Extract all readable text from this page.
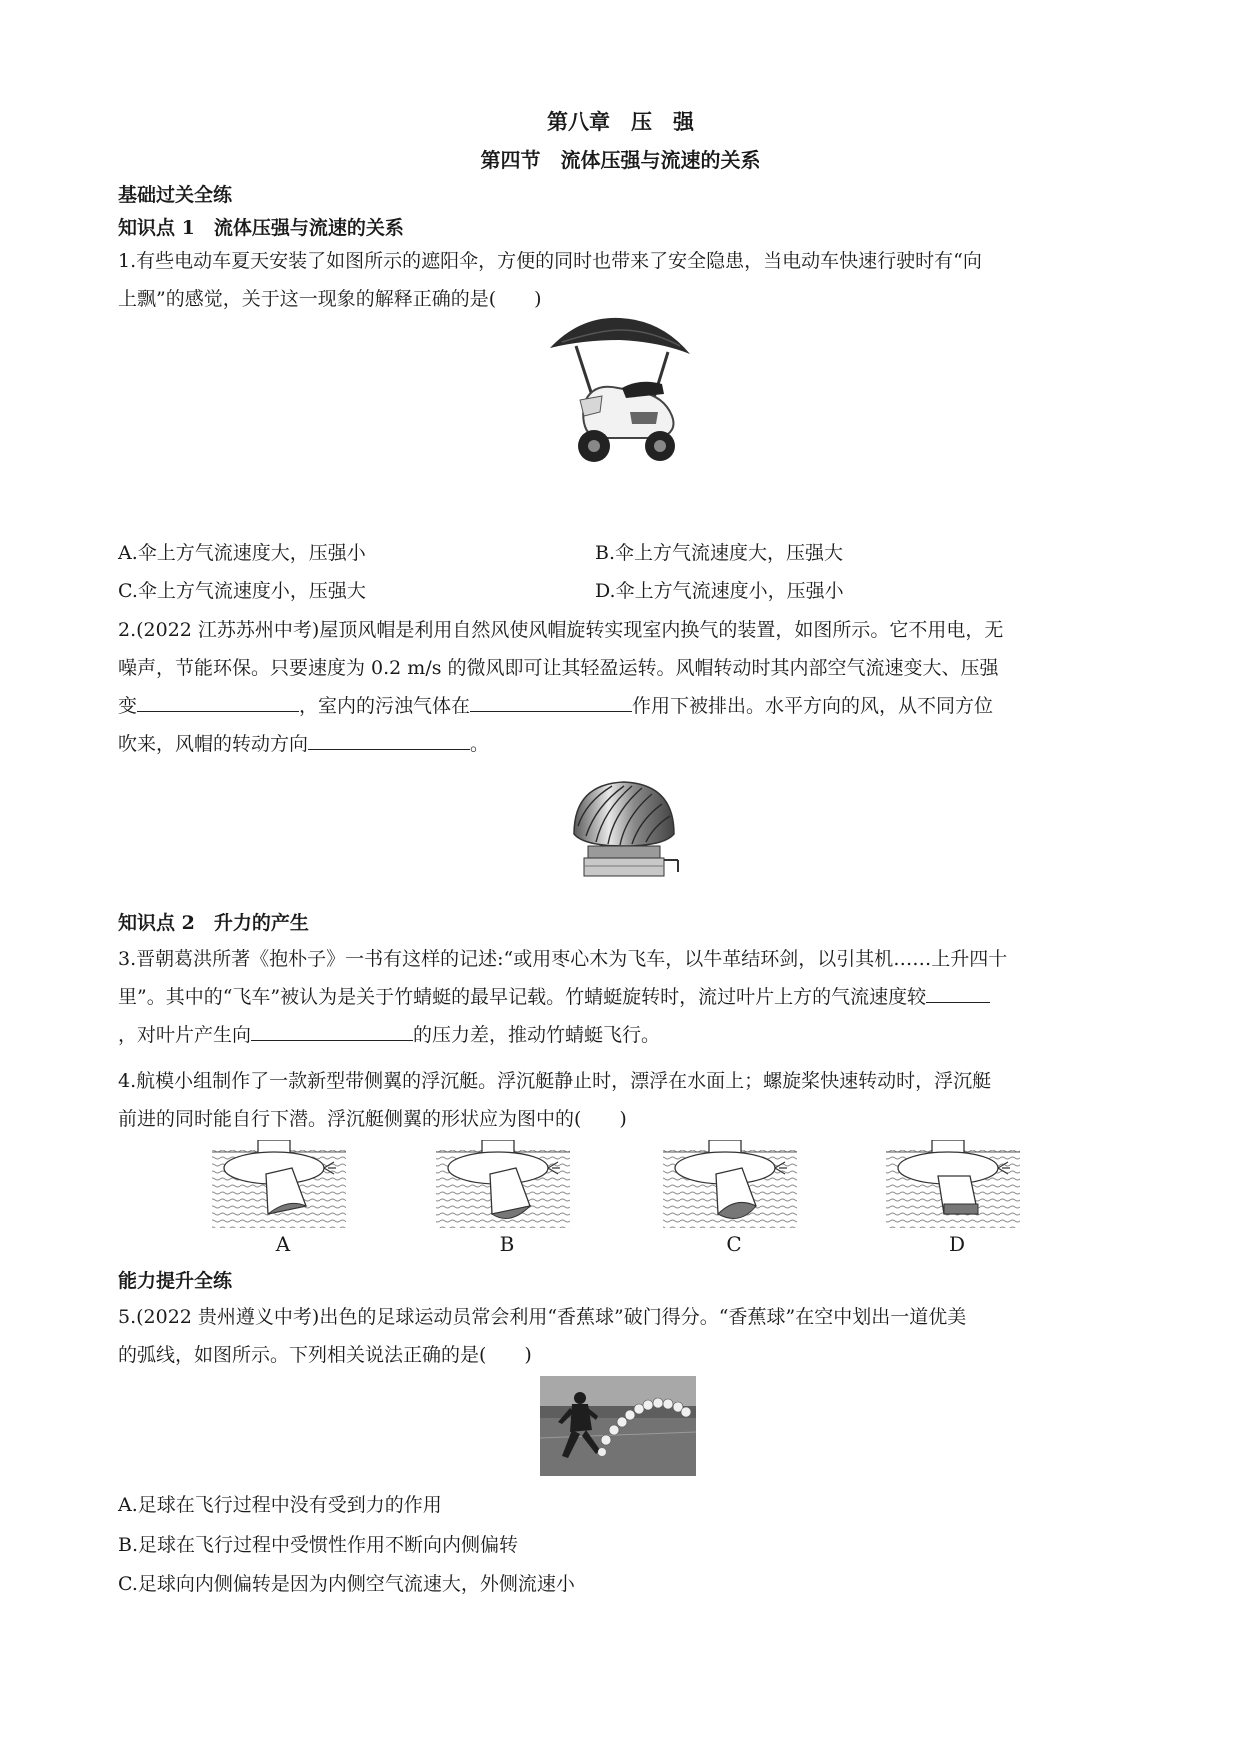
第八章　压　强
第四节　流体压强与流速的关系
基础过关全练
知识点 1　流体压强与流速的关系
1.有些电动车夏天安装了如图所示的遮阳伞，方便的同时也带来了安全隐患，当电动车快速行驶时有“向
上飘”的感觉，关于这一现象的解释正确的是(　　)
A.伞上方气流速度大，压强小	B.伞上方气流速度大，压强大
C.伞上方气流速度小，压强大	D.伞上方气流速度小，压强小
2.(2022 江苏苏州中考)屋顶风帽是利用自然风使风帽旋转实现室内换气的装置，如图所示。它不用电，无
噪声，节能环保。只要速度为 0.2 m/s 的微风即可让其轻盈运转。风帽转动时其内部空气流速变大、压强
变	，室内的污浊气体在	作用下被排出。水平方向的风，从不同方位
吹来，风帽的转动方向	。
知识点 2　升力的产生
3.晋朝葛洪所著《抱朴子》一书有这样的记述:“或用枣心木为飞车，以牛革结环剑，以引其机……上升四十
里”。其中的“飞车”被认为是关于竹蜻蜓的最早记载。竹蜻蜓旋转时，流过叶片上方的气流速度较
，对叶片产生向	的压力差，推动竹蜻蜓飞行。
4.航模小组制作了一款新型带侧翼的浮沉艇。浮沉艇静止时，漂浮在水面上；螺旋桨快速转动时，浮沉艇
前进的同时能自行下潜。浮沉艇侧翼的形状应为图中的(　　)
A	B	C	D
能力提升全练
5.(2022 贵州遵义中考)出色的足球运动员常会利用“香蕉球”破门得分。“香蕉球”在空中划出一道优美
的弧线，如图所示。下列相关说法正确的是(　　)
A.足球在飞行过程中没有受到力的作用
B.足球在飞行过程中受惯性作用不断向内侧偏转
C.足球向内侧偏转是因为内侧空气流速大，外侧流速小
